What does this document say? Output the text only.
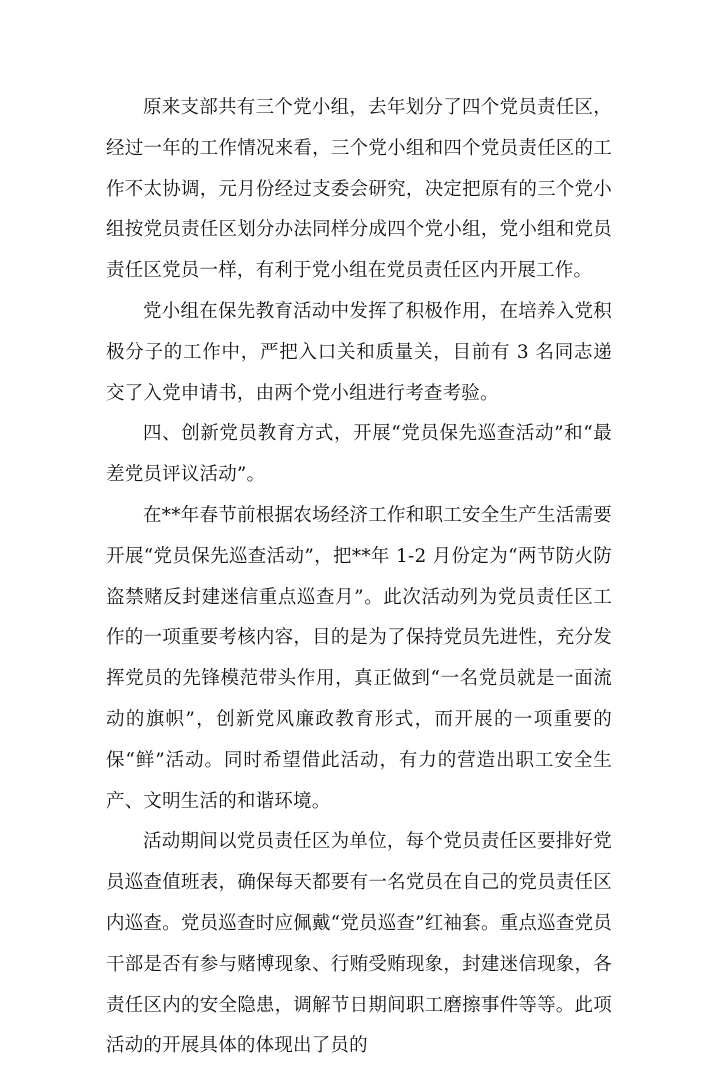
原来支部共有三个党小组，去年划分了四个党员责任区，经过一年的工作情况来看，三个党小组和四个党员责任区的工作不太协调，元月份经过支委会研究，决定把原有的三个党小组按党员责任区划分办法同样分成四个党小组，党小组和党员责任区党员一样，有利于党小组在党员责任区内开展工作。

党小组在保先教育活动中发挥了积极作用，在培养入党积极分子的工作中，严把入口关和质量关，目前有 3 名同志递交了入党申请书，由两个党小组进行考查考验。

四、创新党员教育方式，开展“党员保先巡查活动”和“最差党员评议活动”。

在**年春节前根据农场经济工作和职工安全生产生活需要开展“党员保先巡查活动”，把**年 1-2 月份定为“两节防火防盗禁赌反封建迷信重点巡查月”。此次活动列为党员责任区工作的一项重要考核内容，目的是为了保持党员先进性，充分发挥党员的先锋模范带头作用，真正做到“一名党员就是一面流动的旗帜”，创新党风廉政教育形式，而开展的一项重要的保“鲜”活动。同时希望借此活动，有力的营造出职工安全生产、文明生活的和谐环境。

活动期间以党员责任区为单位，每个党员责任区要排好党员巡查值班表，确保每天都要有一名党员在自己的党员责任区内巡查。党员巡查时应佩戴“党员巡查”红袖套。重点巡查党员干部是否有参与赌博现象、行贿受贿现象，封建迷信现象，各责任区内的安全隐患，调解节日期间职工磨擦事件等等。此项活动的开展具体的体现出了员的
